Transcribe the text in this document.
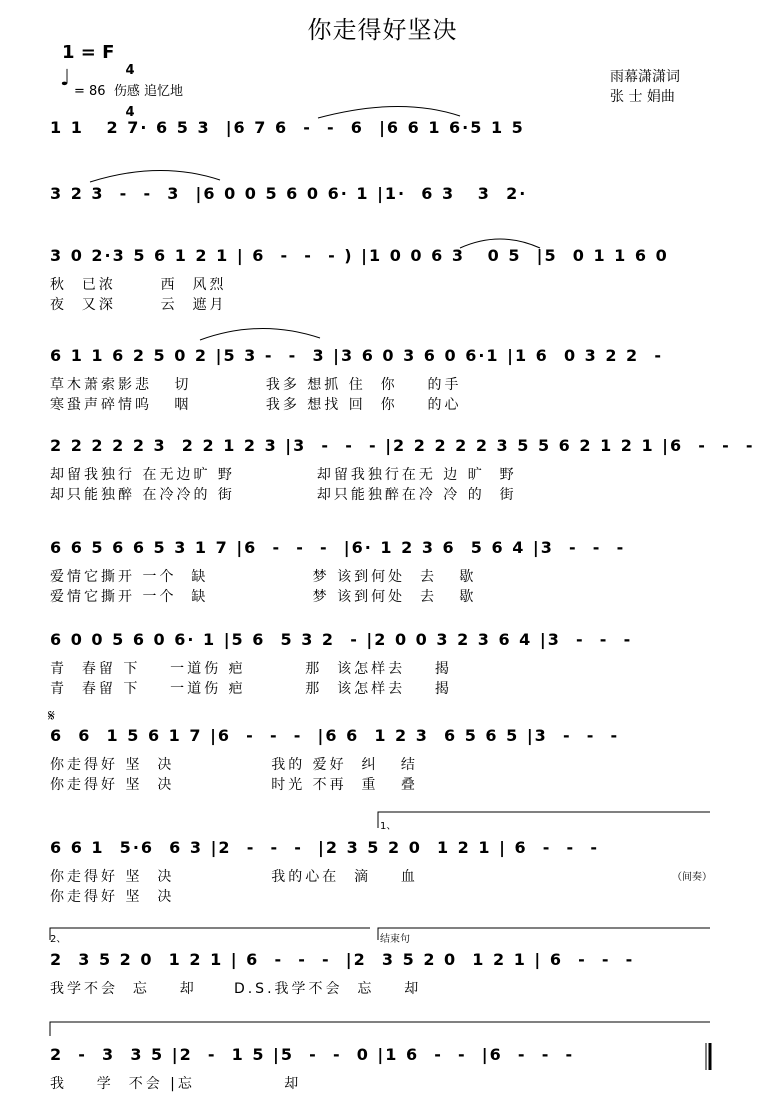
你走得好坚决
1 = F

4

4

♩
= 86  伤感 追忆地
雨幕潇潇词
张 士 娟曲
1 1   2 7· 6 5 3  |6 7 6  -  -  6  |6 6 1 6·5 1 5
3 2 3  -  -  3  |6 0 0 5 6 0 6· 1 |1·  6 3   3  2·
3 0 2·3 5 6 1 2 1 | 6  -  -  - ) |1 0 0 6 3   0 5  |5  0 1 1 6 0
秋  已浓      西  风烈
夜  又深      云  遮月
6 1 1 6 2 5 0 2 |5 3 -  -  3 |3 6 0 3 6 0 6·1 |1 6  0 3 2 2  -
草木萧索影悲   切          我多 想抓 住  你    的手
寒蛩声碎情呜   咽          我多 想找 回  你    的心
2 2 2 2 2 3  2 2 1 2 3 |3  -  -  - |2 2 2 2 2 3 5 5 6 2 1 2 1 |6  -  -  -
却留我独行 在无边旷 野           却留我独行在无 边 旷  野
却只能独醉 在冷冷的 街           却只能独醉在冷 冷 的  街
6 6 5 6 6 5 3 1 7 |6  -  -  -  |6· 1 2 3 6  5 6 4 |3  -  -  -
爱情它撕开 一个  缺              梦 该到何处  去   歇
爱情它撕开 一个  缺              梦 该到何处  去   歇
6 0 0 5 6 0 6· 1 |5 6  5 3 2  - |2 0 0 3 2 3 6 4 |3  -  -  -
青  春留 下    一道伤 疤        那  该怎样去    揭
青  春留 下    一道伤 疤        那  该怎样去    揭
6  6  1 5 6 1 7 |6  -  -  -  |6 6  1 2 3  6 5 6 5 |3  -  -  -
你走得好 坚  决             我的 爱好  纠   结
你走得好 坚  决             时光 不再  重   叠
6 6 1  5·6  6 3 |2  -  -  -  |2 3 5 2 0  1 2 1 | 6  -  -  -
你走得好 坚  决             我的心在  滴    血
你走得好 坚  决
2  3 5 2 0  1 2 1 | 6  -  -  -  |2  3 5 2 0  1 2 1 | 6  -  -  -
我学不会  忘    却     D.S.我学不会  忘    却
2  -  3  3 5 |2  -  1 5 |5  -  -  0 |1 6  -  -  |6  -  -  -
我    学  不会 |忘            却
1、
2、	结束句
（间奏）
𝄋
